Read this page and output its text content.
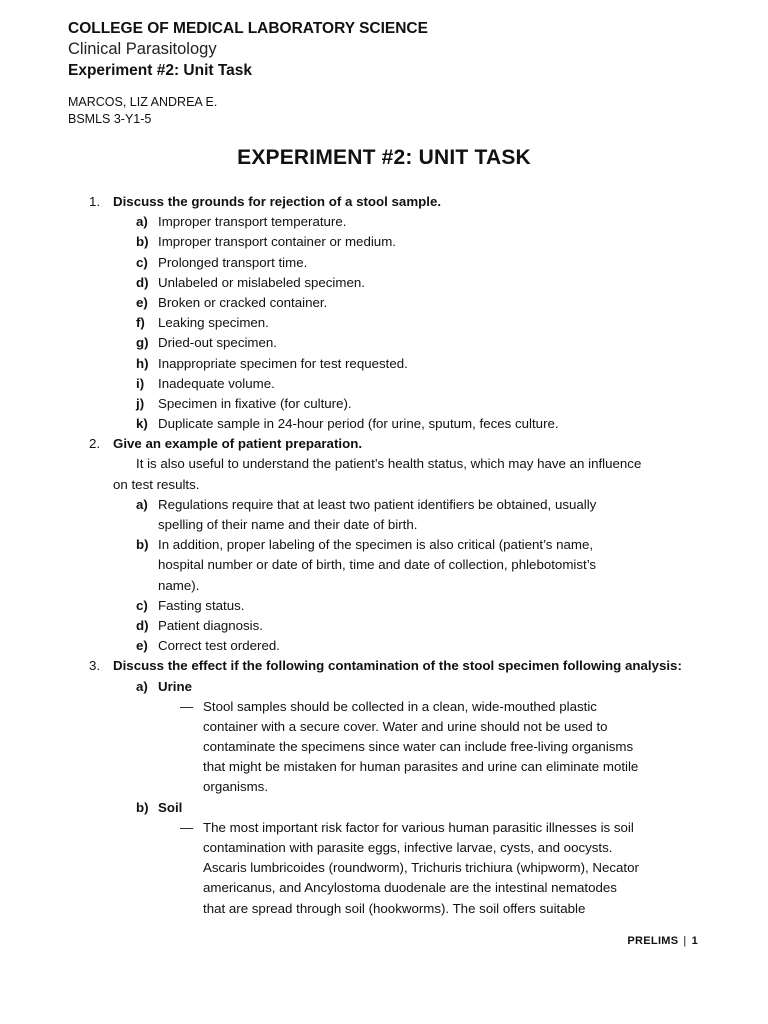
COLLEGE OF MEDICAL LABORATORY SCIENCE
Clinical Parasitology
Experiment #2: Unit Task
MARCOS, LIZ ANDREA E.
BSMLS 3-Y1-5
EXPERIMENT #2: UNIT TASK
1. Discuss the grounds for rejection of a stool sample.
a) Improper transport temperature.
b) Improper transport container or medium.
c) Prolonged transport time.
d) Unlabeled or mislabeled specimen.
e) Broken or cracked container.
f) Leaking specimen.
g) Dried-out specimen.
h) Inappropriate specimen for test requested.
i) Inadequate volume.
j) Specimen in fixative (for culture).
k) Duplicate sample in 24-hour period (for urine, sputum, feces culture.
2. Give an example of patient preparation.
It is also useful to understand the patient’s health status, which may have an influence
on test results.
a) Regulations require that at least two patient identifiers be obtained, usually
spelling of their name and their date of birth.
b) In addition, proper labeling of the specimen is also critical (patient’s name,
hospital number or date of birth, time and date of collection, phlebotomist’s
name).
c) Fasting status.
d) Patient diagnosis.
e) Correct test ordered.
3. Discuss the effect if the following contamination of the stool specimen following analysis:
a) Urine
— Stool samples should be collected in a clean, wide-mouthed plastic
container with a secure cover. Water and urine should not be used to
contaminate the specimens since water can include free-living organisms
that might be mistaken for human parasites and urine can eliminate motile
organisms.
b) Soil
— The most important risk factor for various human parasitic illnesses is soil
contamination with parasite eggs, infective larvae, cysts, and oocysts.
Ascaris lumbricoides (roundworm), Trichuris trichiura (whipworm), Necator
americanus, and Ancylostoma duodenale are the intestinal nematodes
that are spread through soil (hookworms). The soil offers suitable
PRELIMS | 1
